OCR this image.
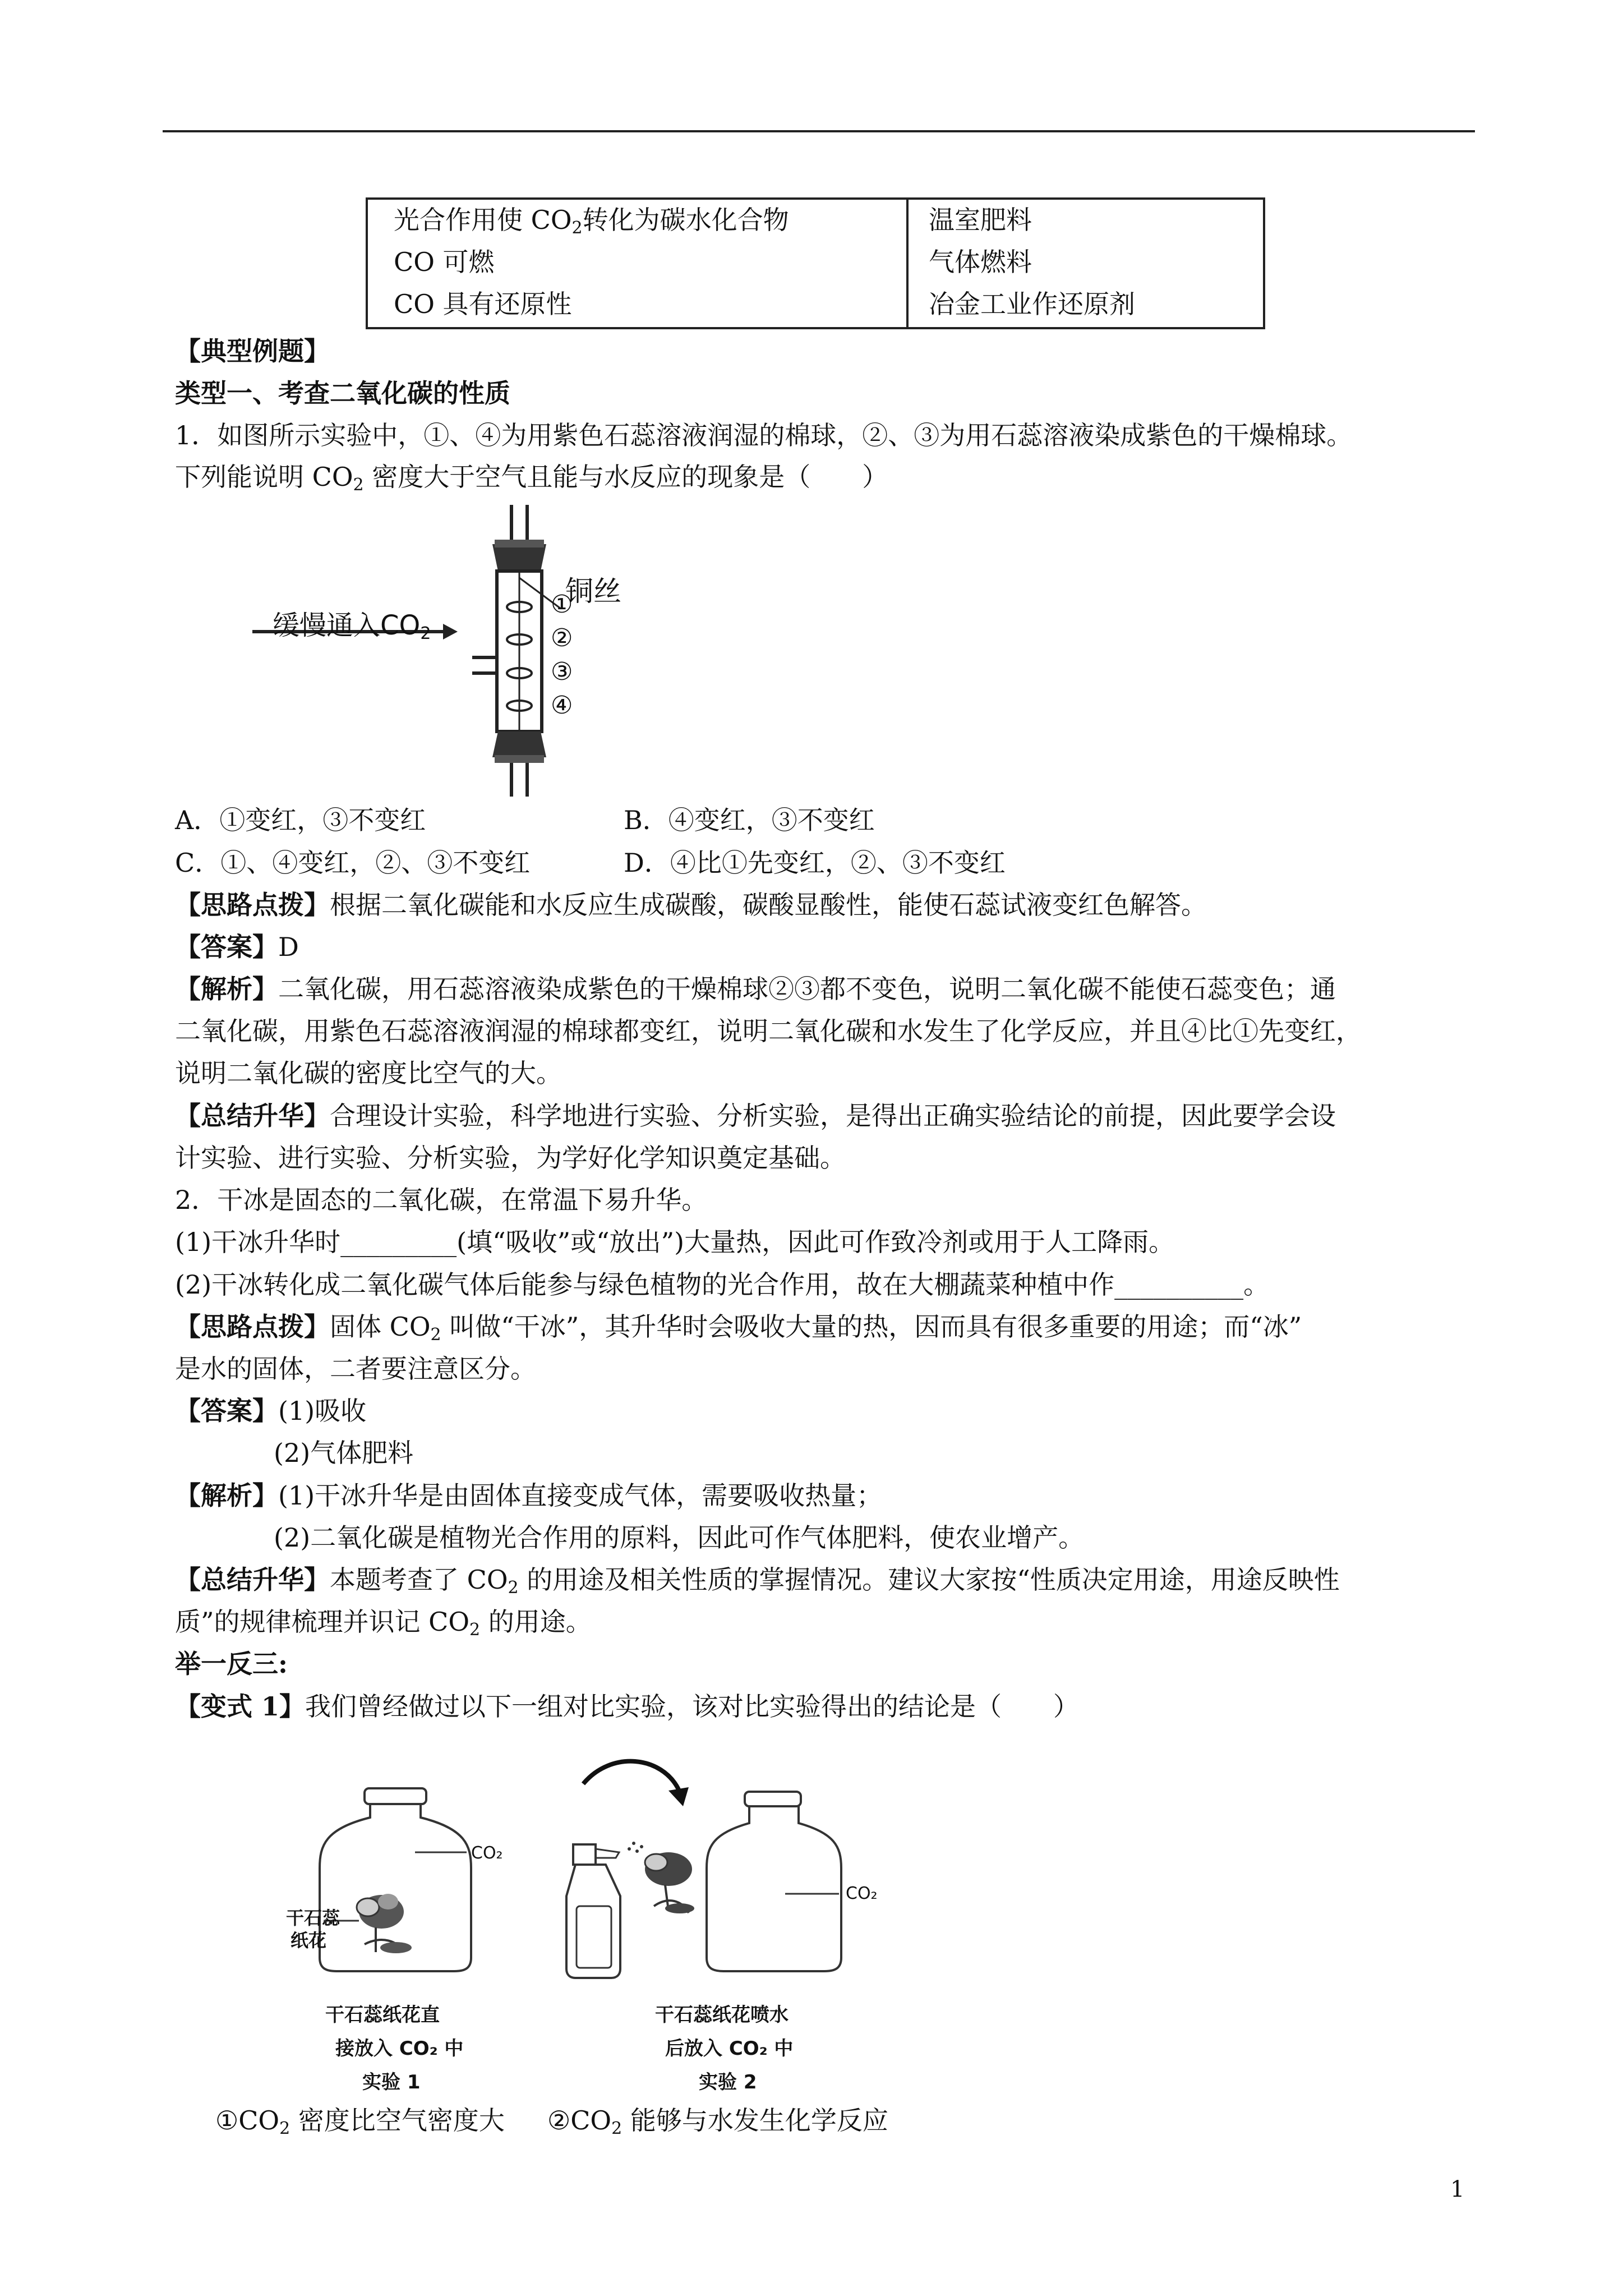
光合作用使 $CO_2$转化为碳水化合物	温室肥料
CO 可燃	气体燃料
CO 具有还原性	冶金工业作还原剂
【典型例题】
类型一、考查二氧化碳的性质
1．如图所示实验中，①、④为用紫色石蕊溶液润湿的棉球，②、③为用石蕊溶液染成紫色的干燥棉球。
下列能说明 $CO_2$ 密度大于空气且能与水反应的现象是（　　）
缓慢通入$CO_2$
铜丝
①
②
③
④
A．①变红，③不变红	B．④变红，③不变红
C．①、④变红，②、③不变红	D．④比①先变红，②、③不变红
【思路点拨】根据二氧化碳能和水反应生成碳酸，碳酸显酸性，能使石蕊试液变红色解答。
【答案】D
【解析】二氧化碳，用石蕊溶液染成紫色的干燥棉球②③都不变色，说明二氧化碳不能使石蕊变色；通
二氧化碳，用紫色石蕊溶液润湿的棉球都变红，说明二氧化碳和水发生了化学反应，并且④比①先变红，
说明二氧化碳的密度比空气的大。
【总结升华】合理设计实验，科学地进行实验、分析实验，是得出正确实验结论的前提，因此要学会设
计实验、进行实验、分析实验，为学好化学知识奠定基础。
2．干冰是固态的二氧化碳，在常温下易升华。
(1)干冰升华时_________(填“吸收”或“放出”)大量热，因此可作致冷剂或用于人工降雨。
(2)干冰转化成二氧化碳气体后能参与绿色植物的光合作用，故在大棚蔬菜种植中作__________。
【思路点拨】固体 $CO_2$ 叫做“干冰”，其升华时会吸收大量的热，因而具有很多重要的用途；而“冰”
是水的固体，二者要注意区分。
【答案】(1)吸收
(2)气体肥料
【解析】(1)干冰升华是由固体直接变成气体，需要吸收热量；
(2)二氧化碳是植物光合作用的原料，因此可作气体肥料，使农业增产。
【总结升华】本题考查了 $CO_2$ 的用途及相关性质的掌握情况。建议大家按“性质决定用途，用途反映性
质”的规律梳理并识记 $CO_2$ 的用途。
举一反三:
【变式 1】我们曾经做过以下一组对比实验，该对比实验得出的结论是（　　）
CO₂
CO₂
干石蕊
纸花
干石蕊纸花直
接放入 CO₂ 中
实验 1
干石蕊纸花喷水
后放入 CO₂ 中
实验 2
$①CO_2$ 密度比空气密度大 $②CO_2$ 能够与水发生化学反应
1
